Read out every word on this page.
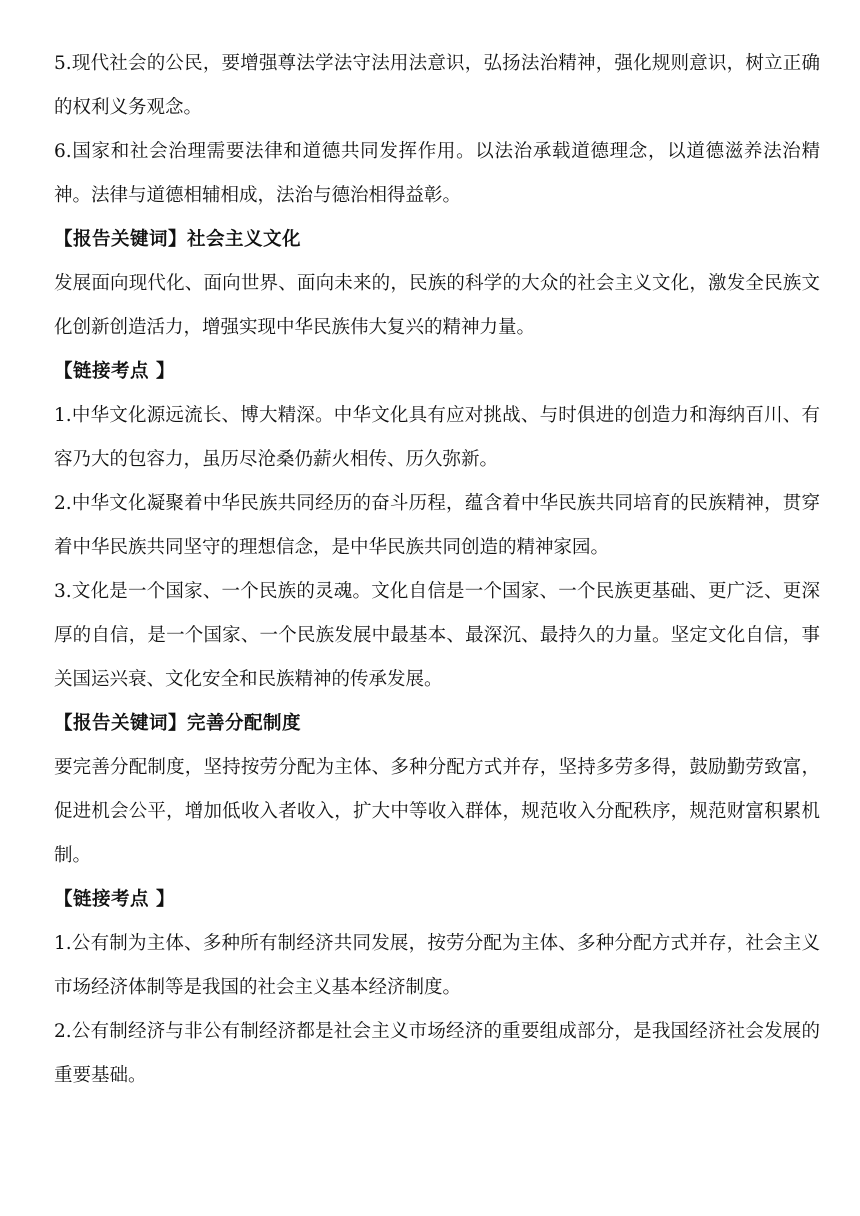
5.现代社会的公民，要增强尊法学法守法用法意识，弘扬法治精神，强化规则意识，树立正确的权利义务观念。

6.国家和社会治理需要法律和道德共同发挥作用。以法治承载道德理念，以道德滋养法治精神。法律与道德相辅相成，法治与德治相得益彰。

【报告关键词】社会主义文化

发展面向现代化、面向世界、面向未来的，民族的科学的大众的社会主义文化，激发全民族文化创新创造活力，增强实现中华民族伟大复兴的精神力量。

【链接考点 】

1.中华文化源远流长、博大精深。中华文化具有应对挑战、与时俱进的创造力和海纳百川、有容乃大的包容力，虽历尽沧桑仍薪火相传、历久弥新。

2.中华文化凝聚着中华民族共同经历的奋斗历程，蕴含着中华民族共同培育的民族精神，贯穿着中华民族共同坚守的理想信念，是中华民族共同创造的精神家园。

3.文化是一个国家、一个民族的灵魂。文化自信是一个国家、一个民族更基础、更广泛、更深厚的自信，是一个国家、一个民族发展中最基本、最深沉、最持久的力量。坚定文化自信，事关国运兴衰、文化安全和民族精神的传承发展。

【报告关键词】完善分配制度

要完善分配制度，坚持按劳分配为主体、多种分配方式并存，坚持多劳多得，鼓励勤劳致富，促进机会公平，增加低收入者收入，扩大中等收入群体，规范收入分配秩序，规范财富积累机制。

【链接考点 】

1.公有制为主体、多种所有制经济共同发展，按劳分配为主体、多种分配方式并存，社会主义市场经济体制等是我国的社会主义基本经济制度。

2.公有制经济与非公有制经济都是社会主义市场经济的重要组成部分，是我国经济社会发展的重要基础。
